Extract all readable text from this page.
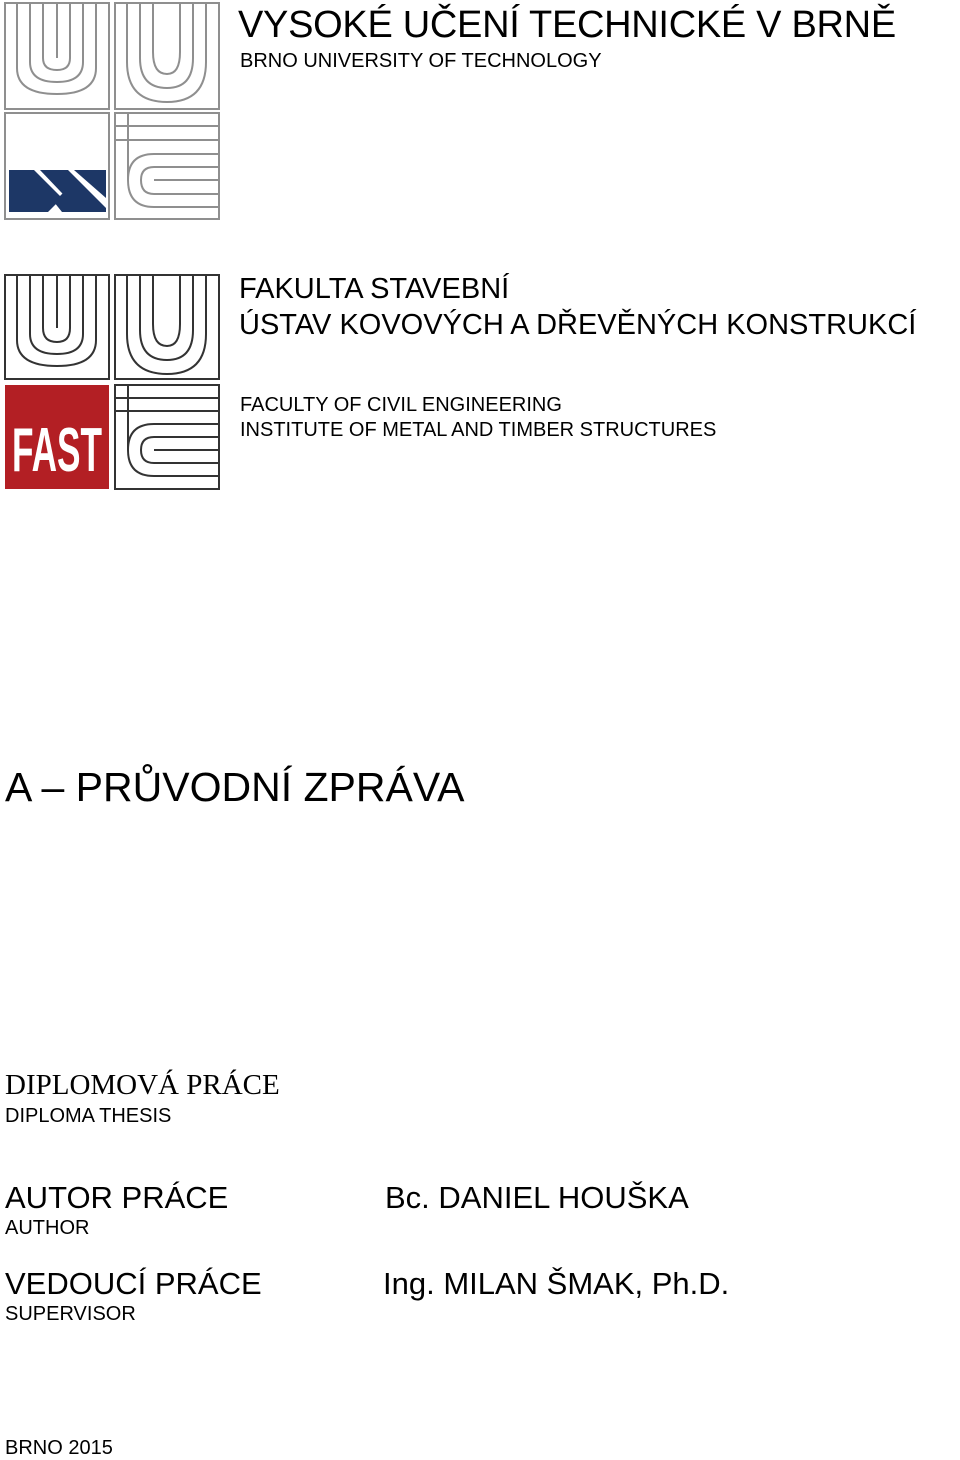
FAST
VYSOKÉ UČENÍ TECHNICKÉ V BRNĚ
BRNO UNIVERSITY OF TECHNOLOGY
FAKULTA STAVEBNÍ
ÚSTAV KOVOVÝCH A DŘEVĚNÝCH KONSTRUKCÍ
FACULTY OF CIVIL ENGINEERING
INSTITUTE OF METAL AND TIMBER STRUCTURES
A – PRŮVODNÍ ZPRÁVA
DIPLOMOVÁ PRÁCE
DIPLOMA THESIS
AUTOR PRÁCE
AUTHOR
Bc. DANIEL HOUŠKA
VEDOUCÍ PRÁCE
SUPERVISOR
Ing. MILAN ŠMAK, Ph.D.
BRNO 2015
